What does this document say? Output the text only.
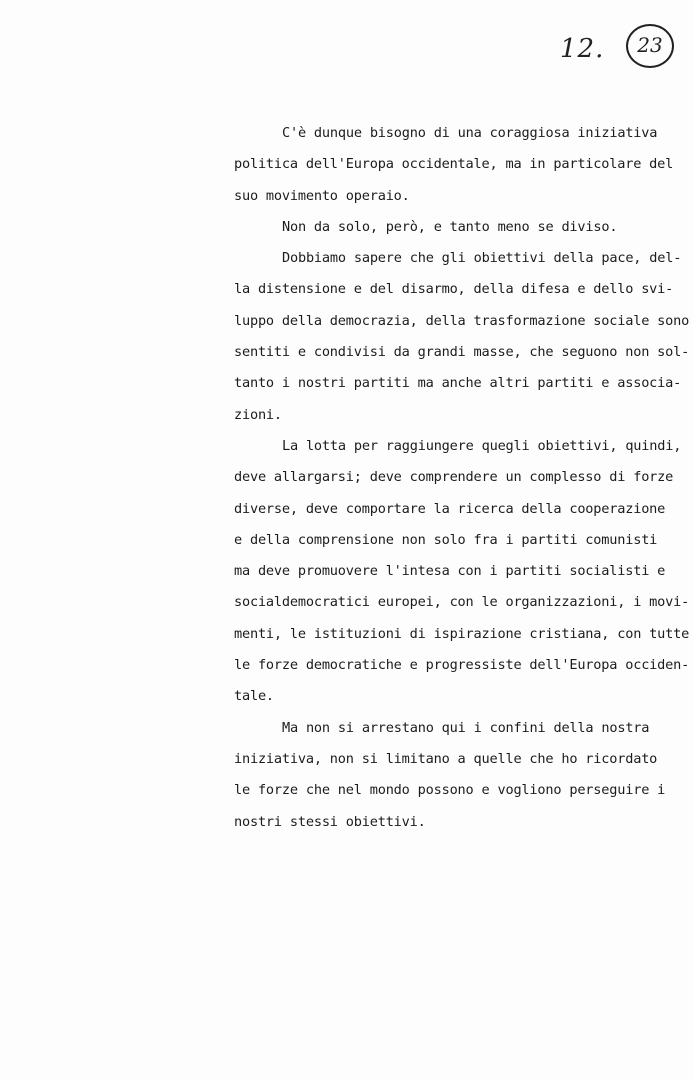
12.	23
C'è dunque bisogno di una coraggiosa iniziativa
politica dell'Europa occidentale, ma in particolare del
suo movimento operaio.
Non da solo, però, e tanto meno se diviso.
Dobbiamo sapere che gli obiettivi della pace, del-
la distensione e del disarmo, della difesa e dello svi-
luppo della democrazia, della trasformazione sociale sono
sentiti e condivisi da grandi masse, che seguono non sol-
tanto i nostri partiti ma anche altri partiti e associa-
zioni.
La lotta per raggiungere quegli obiettivi, quindi,
deve allargarsi; deve comprendere un complesso di forze
diverse, deve comportare la ricerca della cooperazione
e della comprensione non solo fra i partiti comunisti
ma deve promuovere l'intesa con i partiti socialisti e
socialdemocratici europei, con le organizzazioni, i movi-
menti, le istituzioni di ispirazione cristiana, con tutte
le forze democratiche e progressiste dell'Europa occiden-
tale.
Ma non si arrestano qui i confini della nostra
iniziativa, non si limitano a quelle che ho ricordato
le forze che nel mondo possono e vogliono perseguire i
nostri stessi obiettivi.
